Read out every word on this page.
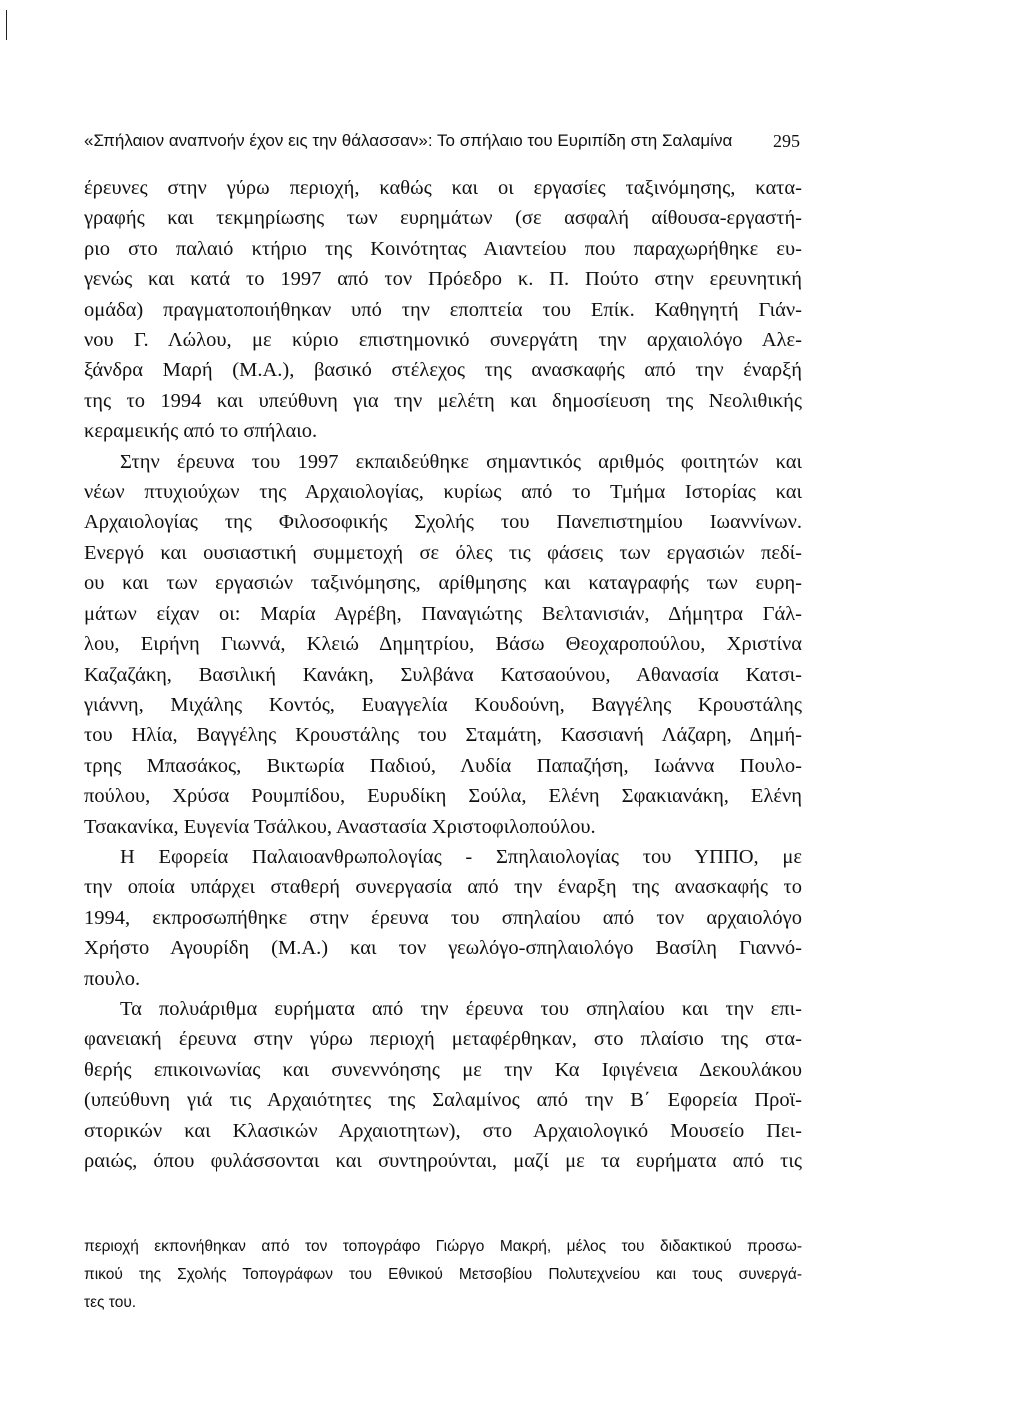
«Σπήλαιον αναπνοήν έχον εις την θάλασσαν»: Το σπήλαιο του Ευριπίδη στη Σαλαμίνα 295
έρευνες στην γύρω περιοχή, καθώς και οι εργασίες ταξινόμησης, κατα-
γραφής και τεκμηρίωσης των ευρημάτων (σε ασφαλή αίθουσα-εργαστή-
ριο στο παλαιό κτήριο της Κοινότητας Αιαντείου που παραχωρήθηκε ευ-
γενώς και κατά το 1997 από τον Πρόεδρο κ. Π. Πούτο στην ερευνητική
ομάδα) πραγματοποιήθηκαν υπό την εποπτεία του Επίκ. Καθηγητή Γιάν-
νου Γ. Λώλου, με κύριο επιστημονικό συνεργάτη την αρχαιολόγο Αλε-
ξάνδρα Μαρή (Μ.Α.), βασικό στέλεχος της ανασκαφής από την έναρξή
της το 1994 και υπεύθυνη για την μελέτη και δημοσίευση της Νεολιθικής
κεραμεικής από το σπήλαιο.
Στην έρευνα του 1997 εκπαιδεύθηκε σημαντικός αριθμός φοιτητών και
νέων πτυχιούχων της Αρχαιολογίας, κυρίως από το Τμήμα Ιστορίας και
Αρχαιολογίας της Φιλοσοφικής Σχολής του Πανεπιστημίου Ιωαννίνων.
Ενεργό και ουσιαστική συμμετοχή σε όλες τις φάσεις των εργασιών πεδί-
ου και των εργασιών ταξινόμησης, αρίθμησης και καταγραφής των ευρη-
μάτων είχαν οι: Μαρία Αγρέβη, Παναγιώτης Βελτανισιάν, Δήμητρα Γάλ-
λου, Ειρήνη Γιωννά, Κλειώ Δημητρίου, Βάσω Θεοχαροπούλου, Χριστίνα
Καζαζάκη, Βασιλική Κανάκη, Συλβάνα Κατσαούνου, Αθανασία Κατσι-
γιάννη, Μιχάλης Κοντός, Ευαγγελία Κουδούνη, Βαγγέλης Κρουστάλης
του Ηλία, Βαγγέλης Κρουστάλης του Σταμάτη, Κασσιανή Λάζαρη, Δημή-
τρης Μπασάκος, Βικτωρία Παδιού, Λυδία Παπαζήση, Ιωάννα Πουλο-
πούλου, Χρύσα Ρουμπίδου, Ευρυδίκη Σούλα, Ελένη Σφακιανάκη, Ελένη
Τσακανίκα, Ευγενία Τσάλκου, Αναστασία Χριστοφιλοπούλου.
Η Εφορεία Παλαιοανθρωπολογίας - Σπηλαιολογίας του ΥΠΠΟ, με
την οποία υπάρχει σταθερή συνεργασία από την έναρξη της ανασκαφής το
1994, εκπροσωπήθηκε στην έρευνα του σπηλαίου από τον αρχαιολόγο
Χρήστο Αγουρίδη (Μ.Α.) και τον γεωλόγο-σπηλαιολόγο Βασίλη Γιαννό-
πουλο.
Τα πολυάριθμα ευρήματα από την έρευνα του σπηλαίου και την επι-
φανειακή έρευνα στην γύρω περιοχή μεταφέρθηκαν, στο πλαίσιο της στα-
θερής επικοινωνίας και συνεννόησης με την Κα Ιφιγένεια Δεκουλάκου
(υπεύθυνη γιά τις Αρχαιότητες της Σαλαμίνος από την Β΄ Εφορεία Προϊ-
στορικών και Κλασικών Αρχαιοτητων), στο Αρχαιολογικό Μουσείο Πει-
ραιώς, όπου φυλάσσονται και συντηρούνται, μαζί με τα ευρήματα από τις
περιοχή εκπονήθηκαν από τον τοπογράφο Γιώργο Μακρή, μέλος του διδακτικού προσω-
πικού της Σχολής Τοπογράφων του Εθνικού Μετσοβίου Πολυτεχνείου και τους συνεργά-
τες του.
